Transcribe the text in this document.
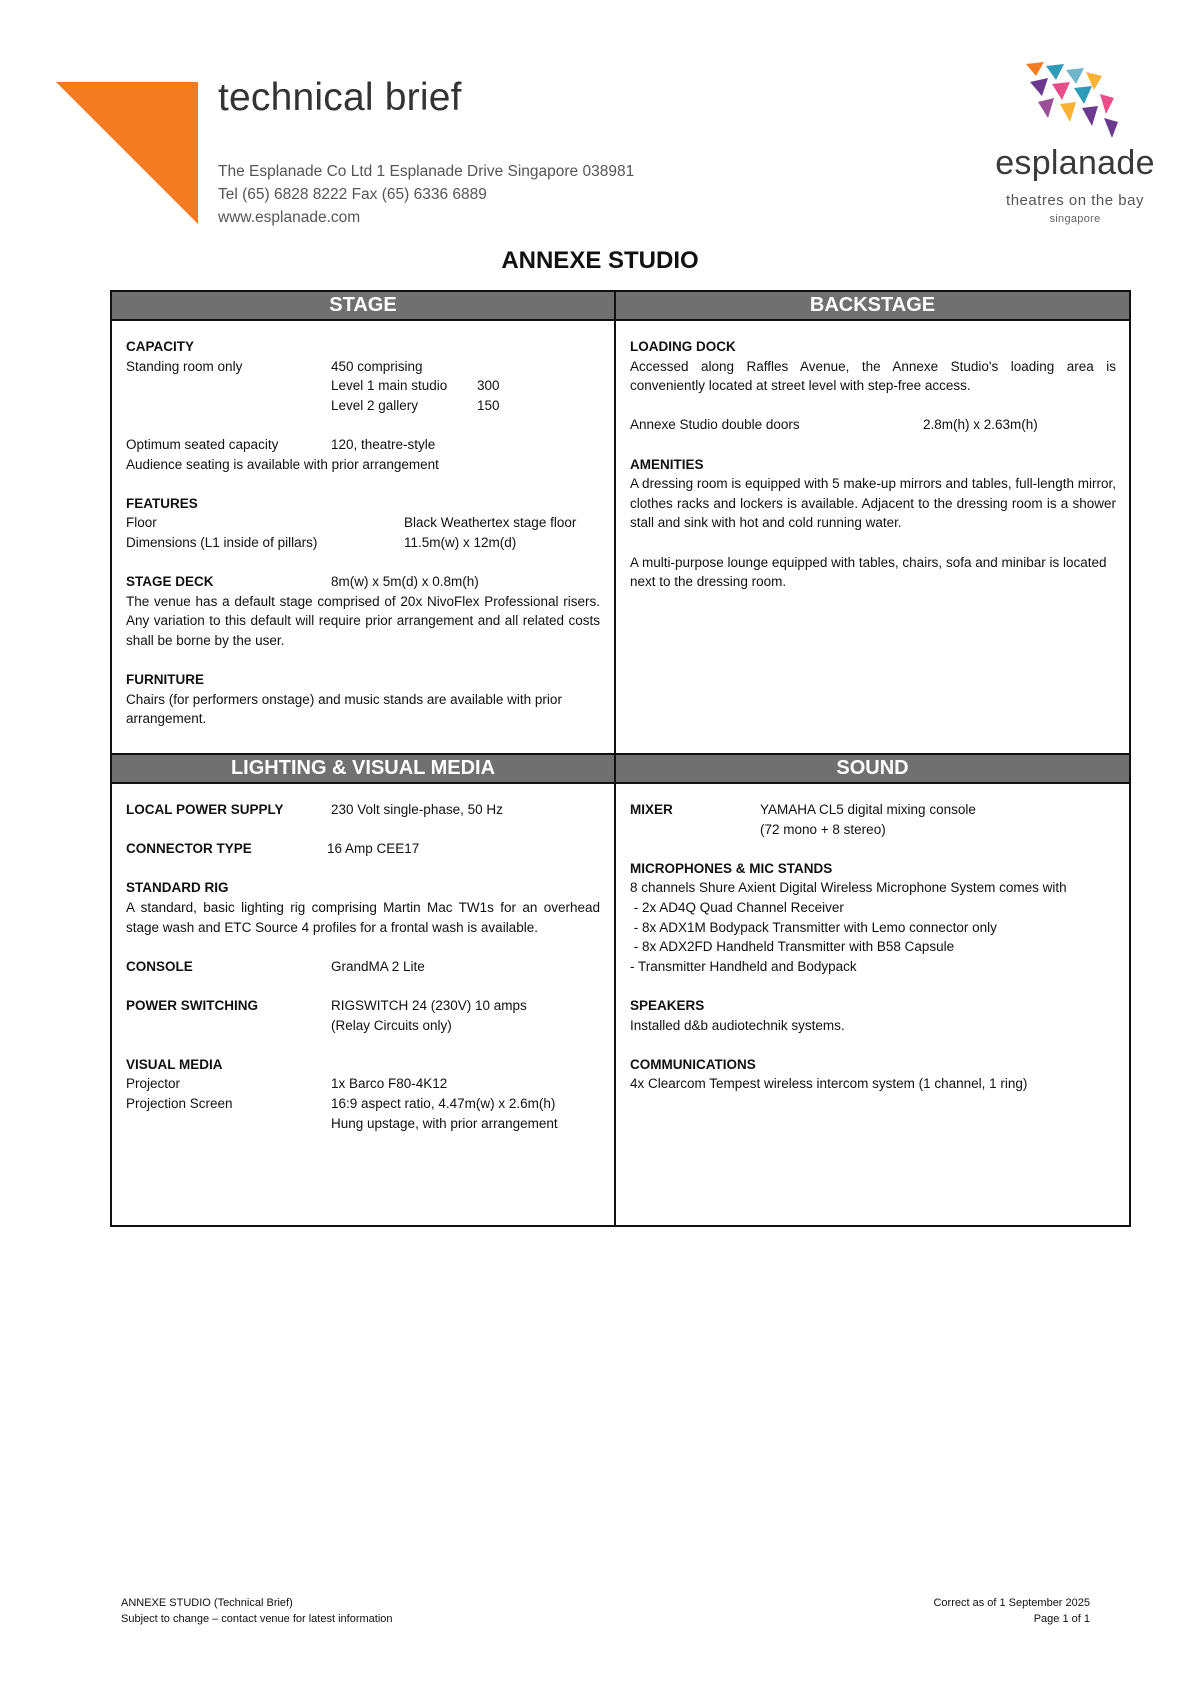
technical brief
The Esplanade Co Ltd 1 Esplanade Drive Singapore 038981
Tel (65) 6828 8222 Fax (65) 6336 6889
www.esplanade.com
esplanade
theatres on the bay
singapore
ANNEXE STUDIO
STAGE	BACKSTAGE
LIGHTING & VISUAL MEDIA	SOUND
CAPACITY
Standing room only	450 comprising
Level 1 main studio	300
Level 2 gallery	150
Optimum seated capacity	120, theatre-style
Audience seating is available with prior arrangement
FEATURES
Floor	Black Weathertex stage floor
Dimensions (L1 inside of pillars)	11.5m(w) x 12m(d)
STAGE DECK	8m(w) x 5m(d) x 0.8m(h)
The venue has a default stage comprised of 20x NivoFlex Professional risers. Any variation to this default will require prior arrangement and all related costs shall be borne by the user.
FURNITURE
Chairs (for performers onstage) and music stands are available with prior arrangement.
LOADING DOCK
Accessed along Raffles Avenue, the Annexe Studio's loading area is conveniently located at street level with step-free access.
Annexe Studio double doors	2.8m(h) x 2.63m(h)
AMENITIES
A dressing room is equipped with 5 make-up mirrors and tables, full-length mirror, clothes racks and lockers is available. Adjacent to the dressing room is a shower stall and sink with hot and cold running water.
A multi-purpose lounge equipped with tables, chairs, sofa and minibar is located next to the dressing room.
LOCAL POWER SUPPLY	230 Volt single-phase, 50 Hz
CONNECTOR TYPE	16 Amp CEE17
STANDARD RIG
A standard, basic lighting rig comprising Martin Mac TW1s for an overhead stage wash and ETC Source 4 profiles for a frontal wash is available.
CONSOLE	GrandMA 2 Lite
POWER SWITCHING	RIGSWITCH 24 (230V) 10 amps
(Relay Circuits only)
VISUAL MEDIA
Projector	1x Barco F80-4K12
Projection Screen	16:9 aspect ratio, 4.47m(w) x 2.6m(h)
Hung upstage, with prior arrangement
MIXER	YAMAHA CL5 digital mixing console
(72 mono + 8 stereo)
MICROPHONES & MIC STANDS
8 channels Shure Axient Digital Wireless Microphone System comes with
- 2x AD4Q Quad Channel Receiver
- 8x ADX1M Bodypack Transmitter with Lemo connector only
- 8x ADX2FD Handheld Transmitter with B58 Capsule
- Transmitter Handheld and Bodypack
SPEAKERS
Installed d&b audiotechnik systems.
COMMUNICATIONS
4x Clearcom Tempest wireless intercom system (1 channel, 1 ring)
ANNEXE STUDIO (Technical Brief)
Subject to change – contact venue for latest information
Correct as of 1 September 2025
Page 1 of 1
